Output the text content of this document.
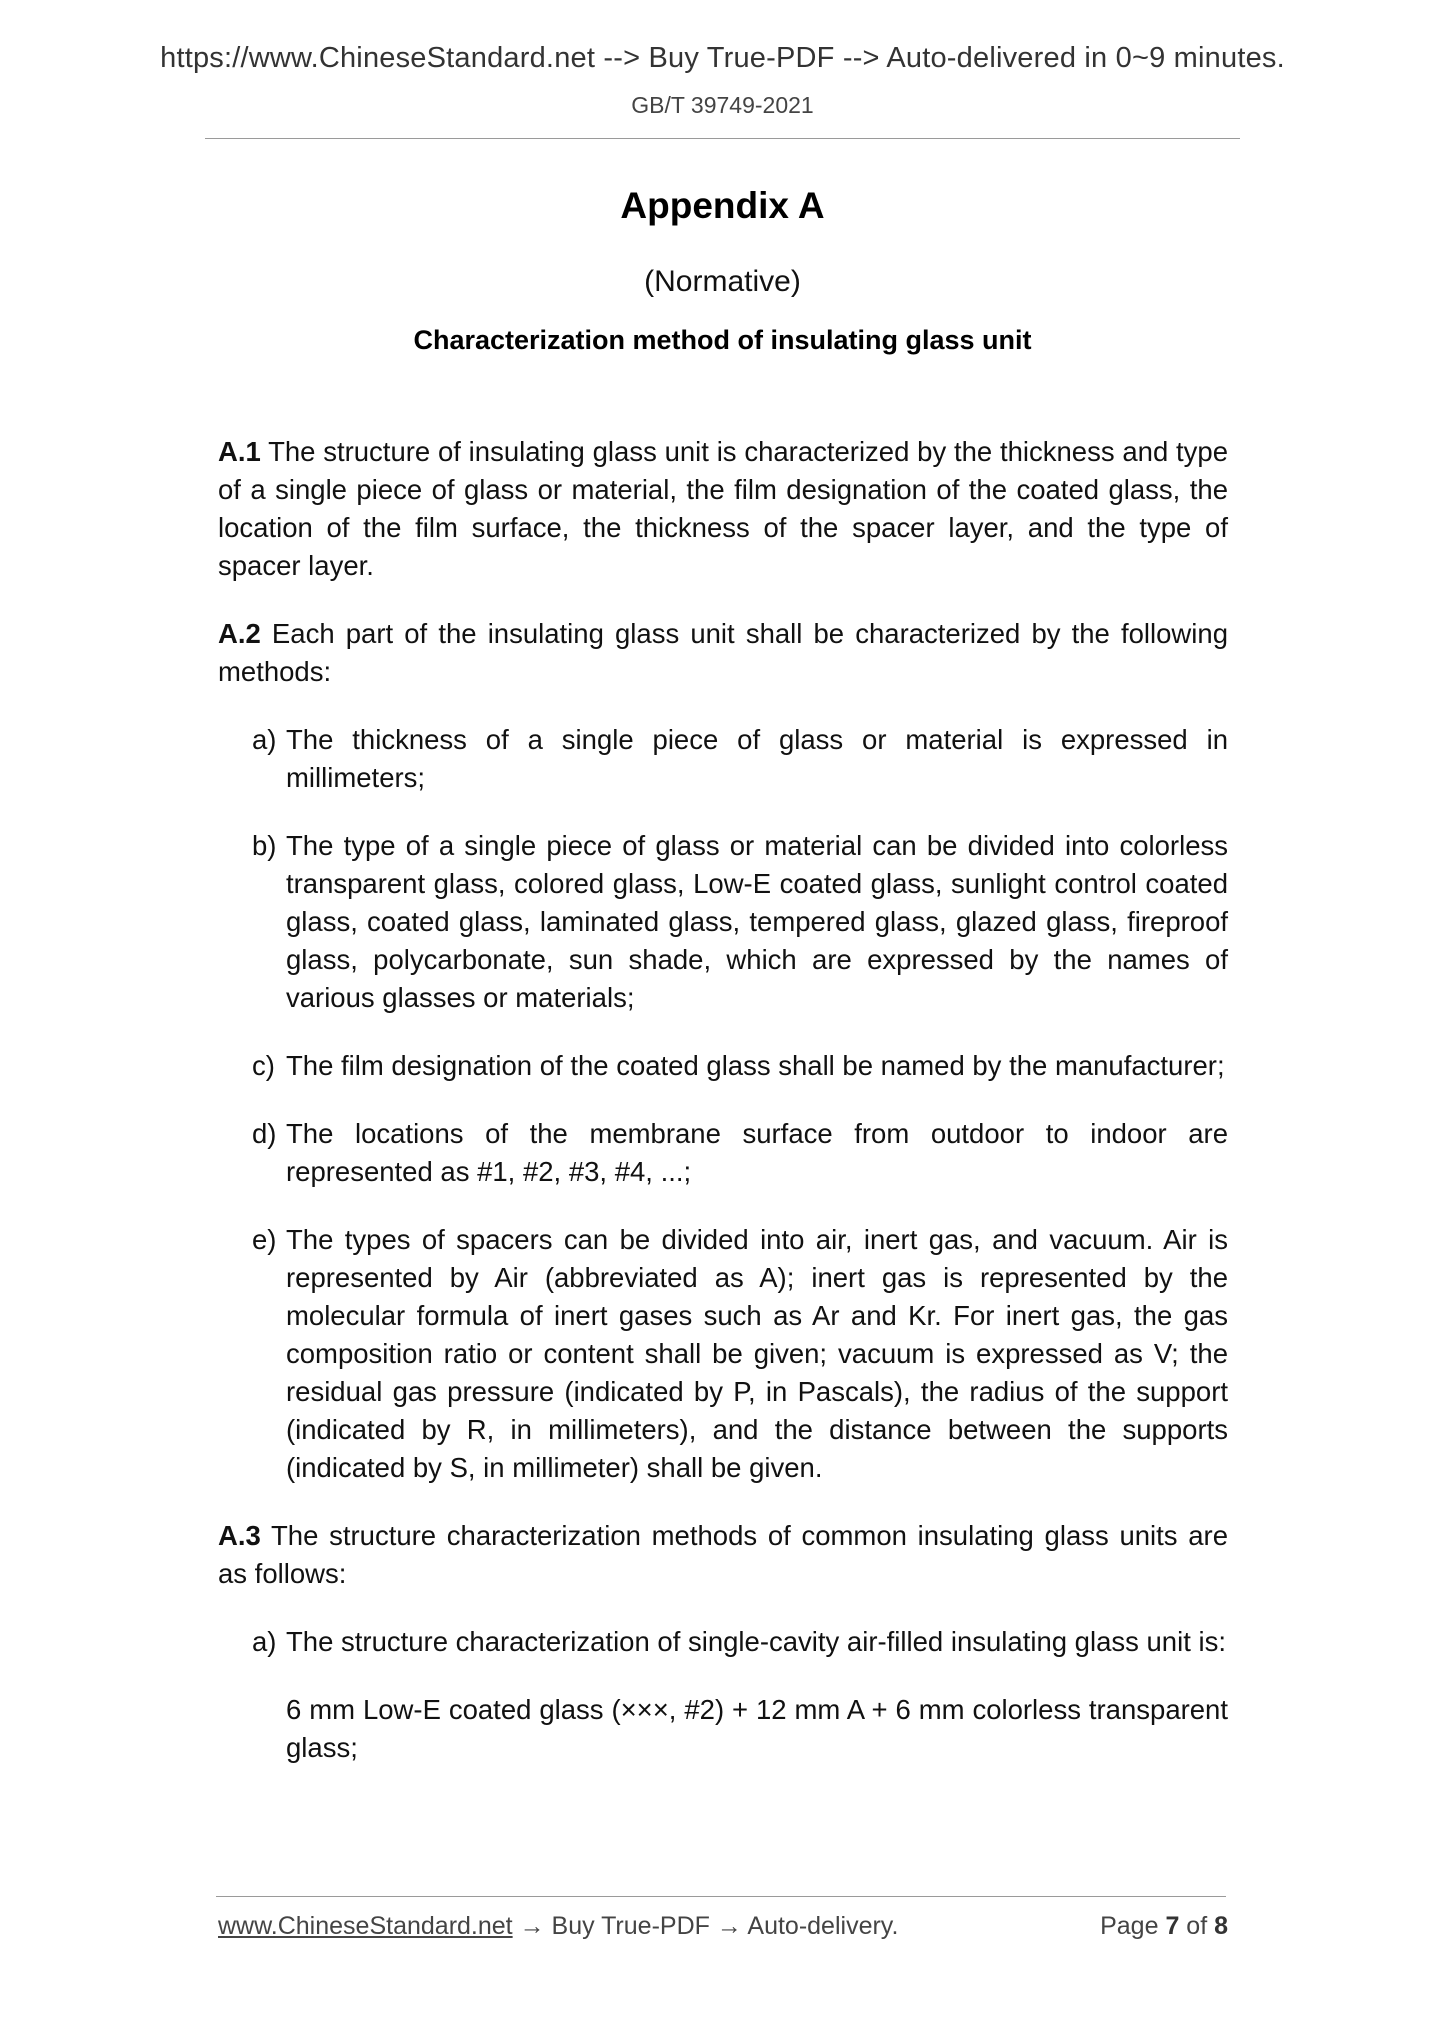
https://www.ChineseStandard.net --> Buy True-PDF --> Auto-delivered in 0~9 minutes.
GB/T 39749-2021
Appendix A
(Normative)
Characterization method of insulating glass unit

A.1 The structure of insulating glass unit is characterized by the thickness and type of a single piece of glass or material, the film designation of the coated glass, the location of the film surface, the thickness of the spacer layer, and the type of spacer layer.

A.2 Each part of the insulating glass unit shall be characterized by the following methods:

a) The thickness of a single piece of glass or material is expressed in millimeters;
b) The type of a single piece of glass or material can be divided into colorless transparent glass, colored glass, Low-E coated glass, sunlight control coated glass, coated glass, laminated glass, tempered glass, glazed glass, fireproof glass, polycarbonate, sun shade, which are expressed by the names of various glasses or materials;
c) The film designation of the coated glass shall be named by the manufacturer;
d) The locations of the membrane surface from outdoor to indoor are represented as #1, #2, #3, #4, ...;
e) The types of spacers can be divided into air, inert gas, and vacuum. Air is represented by Air (abbreviated as A); inert gas is represented by the molecular formula of inert gases such as Ar and Kr. For inert gas, the gas composition ratio or content shall be given; vacuum is expressed as V; the residual gas pressure (indicated by P, in Pascals), the radius of the support (indicated by R, in millimeters), and the distance between the supports (indicated by S, in millimeter) shall be given.

A.3 The structure characterization methods of common insulating glass units are as follows:

a) The structure characterization of single-cavity air-filled insulating glass unit is:

6 mm Low-E coated glass (×××, #2) + 12 mm A + 6 mm colorless transparent glass;

www.ChineseStandard.net → Buy True-PDF → Auto-delivery.	Page 7 of 8
